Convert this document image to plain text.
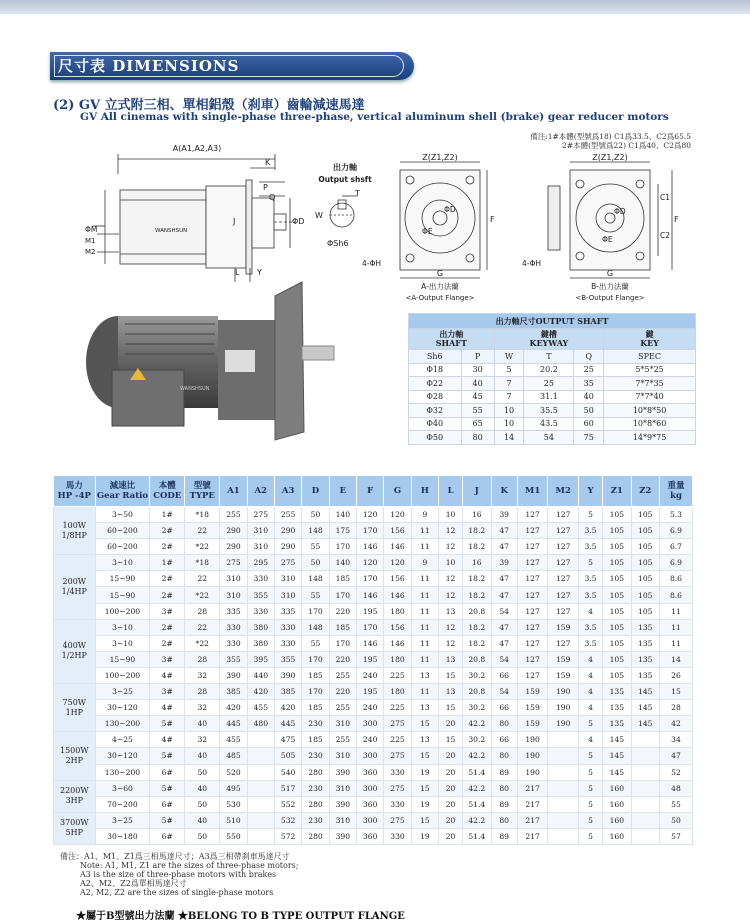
尺寸表 DIMENSIONS
(2) GV 立式附三相、單相鋁殼（刹車）齒輪減速馬達
GV All cinemas with single-phase three-phase, vertical aluminum shell (brake) gear reducer motors
備注:1#本體(型號爲18) C1爲33.5、C2爲65.5
2#本體(型號爲22) C1爲40、C2爲80
A(A1,A2,A3)
K
P
Q
J	ΦD
ΦM
M1
M2
L Y
WANSHSUN
出力軸
Output shsft
T
W
ΦSh6
Z(Z1,Z2)
ΦD
ΦE
F
4-ΦH
G
A-出力法蘭
<A-Output Flange>
Z(Z1,Z2)
C1
C2
F
ΦD
ΦE
4-ΦH
G
B-出力法蘭
<B-Output Flange>
WANSHSUN
出力軸尺寸OUTPUT SHAFT					
出力軸
SHAFT		鍵槽
KEYWAY			鍵
KEY
Sh6	P	W	T	Q	SPEC
Φ18	30	5	20.2	25	5*5*25
Φ22	40	7	25	35	7*7*35
Φ28	45	7	31.1	40	7*7*40
Φ32	55	10	35.5	50	10*8*50
Φ40	65	10	43.5	60	10*8*60
Φ50	80	14	54	75	14*9*75
馬力
HP -4P	減速比
Gear Ratio	本體
CODE	型號
TYPE	A1	A2	A3	D	E	F	G	H	L	J	K	M1	M2	Y	Z1	Z2	重量
kg
100W
1/8HP	3~50	1#	*18	255	275	255	50	140	120	120	9	10	16	39	127	127	5	105	105	5.3
	60~200	2#	22	290	310	290	148	175	170	156	11	12	18.2	47	127	127	3.5	105	105	6.9
	60~200	2#	*22	290	310	290	55	170	146	146	11	12	18.2	47	127	127	3.5	105	105	6.7
200W
1/4HP	3~10	1#	*18	275	295	275	50	140	120	120	9	10	16	39	127	127	5	105	105	6.9
	15~90	2#	22	310	330	310	148	185	170	156	11	12	18.2	47	127	127	3.5	105	105	8.6
	15~90	2#	*22	310	355	310	55	170	146	146	11	12	18.2	47	127	127	3.5	105	105	8.6
	100~200	3#	28	335	330	335	170	220	195	180	11	13	20.8	54	127	127	4	105	105	11
400W
1/2HP	3~10	2#	22	330	380	330	148	185	170	156	11	12	18.2	47	127	159	3.5	105	135	11
	3~10	2#	*22	330	380	330	55	170	146	146	11	12	18.2	47	127	127	3.5	105	135	11
	15~90	3#	28	355	395	355	170	220	195	180	11	13	20.8	54	127	159	4	105	135	14
	100~200	4#	32	390	440	390	185	255	240	225	13	15	30.2	66	127	159	4	105	135	26
750W
1HP	3~25	3#	28	385	420	385	170	220	195	180	11	13	20.8	54	159	190	4	135	145	15
	30~120	4#	32	420	455	420	185	255	240	225	13	15	30.2	66	159	190	4	135	145	28
	130~200	5#	40	445	480	445	230	310	300	275	15	20	42.2	80	159	190	5	135	145	42
1500W
2HP	4~25	4#	32	455		475	185	255	240	225	13	15	30.2	66	190		4	145		34
	30~120	5#	40	485		505	230	310	300	275	15	20	42.2	80	190		5	145		47
	130~200	6#	50	520		540	280	390	360	330	19	20	51.4	89	190		5	145		52
2200W
3HP	3~60	5#	40	495		517	230	310	300	275	15	20	42.2	80	217		5	160		48
	70~200	6#	50	530		552	280	390	360	330	19	20	51.4	89	217		5	160		55
3700W
5HP	3~25	5#	40	510		532	230	310	300	275	15	20	42.2	80	217		5	160		50
	30~180	6#	50	550		572	280	390	360	330	19	20	51.4	89	217		5	160		57
備注：A1、M1、Z1爲三相馬達尺寸；A3爲三相帶刹車馬達尺寸
Note: A1, M1, Z1 are the sizes of three-phase motors;
A3 is the size of three-phase motors with brakes
A2、M2、Z2爲單相馬達尺寸
A2, M2, Z2 are the sizes of single-phase motors
★屬于B型號出力法蘭 ★BELONG TO B TYPE OUTPUT FLANGE
